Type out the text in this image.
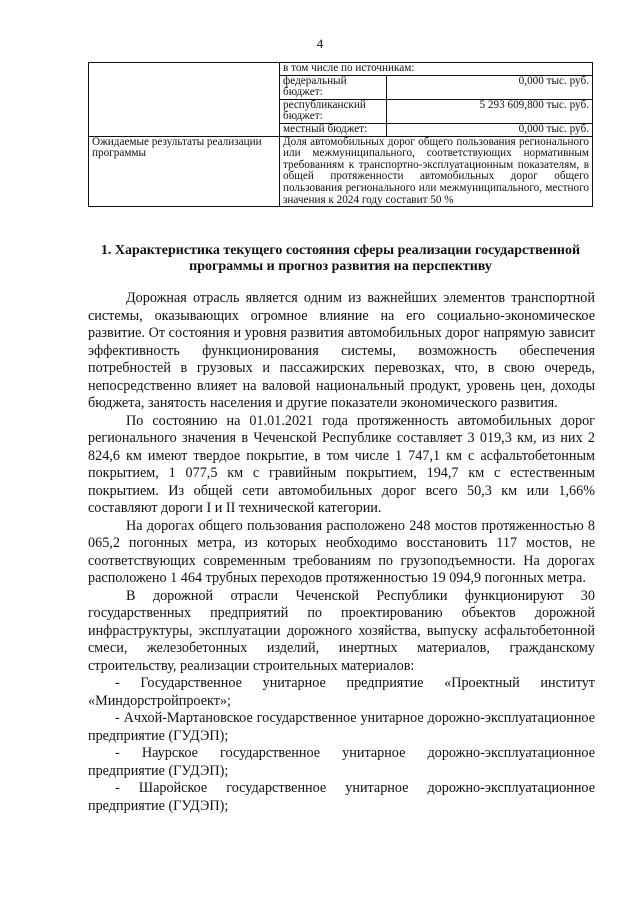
4

в том числе по источникам:
федеральный бюджет:	0,000 тыс. руб.
республиканский бюджет:	5 293 609,800 тыс. руб.
местный бюджет:	0,000 тыс. руб.

Ожидаемые результаты реализации программы	Доля автомобильных дорог общего пользования регионального или межмуниципального, соответствующих нормативным требованиям к транспортно-эксплуатационным показателям, в общей протяженности автомобильных дорог общего пользования регионального или межмуниципального, местного значения к 2024 году составит 50 %
1. Характеристика текущего состояния сферы реализации государственной программы и прогноз развития на перспективу

Дорожная отрасль является одним из важнейших элементов транспортной системы, оказывающих огромное влияние на его социально-экономическое развитие. От состояния и уровня развития автомобильных дорог напрямую зависит эффективность функционирования системы, возможность обеспечения потребностей в грузовых и пассажирских перевозках, что, в свою очередь, непосредственно влияет на валовой национальный продукт, уровень цен, доходы бюджета, занятость населения и другие показатели экономического развития.

По состоянию на 01.01.2021 года протяженность автомобильных дорог регионального значения в Чеченской Республике составляет 3 019,3 км, из них 2 824,6 км имеют твердое покрытие, в том числе 1 747,1 км с асфальтобетонным покрытием, 1 077,5 км с гравийным покрытием, 194,7 км с естественным покрытием. Из общей сети автомобильных дорог всего 50,3 км или 1,66% составляют дороги I и II технической категории.

На дорогах общего пользования расположено 248 мостов протяженностью 8 065,2 погонных метра, из которых необходимо восстановить 117 мостов, не соответствующих современным требованиям по грузоподъемности. На дорогах расположено 1 464 трубных переходов протяженностью 19 094,9 погонных метра.

В дорожной отрасли Чеченской Республики функционируют 30 государственных предприятий по проектированию объектов дорожной инфраструктуры, эксплуатации дорожного хозяйства, выпуску асфальтобетонной смеси, железобетонных изделий, инертных материалов, гражданскому строительству, реализации строительных материалов:

- Государственное унитарное предприятие «Проектный институт «Миндорстройпроект»;

- Ачхой-Мартановское государственное унитарное дорожно-эксплуатационное предприятие (ГУДЭП);

- Наурское государственное унитарное дорожно-эксплуатационное предприятие (ГУДЭП);

- Шаройское государственное унитарное дорожно-эксплуатационное предприятие (ГУДЭП);
